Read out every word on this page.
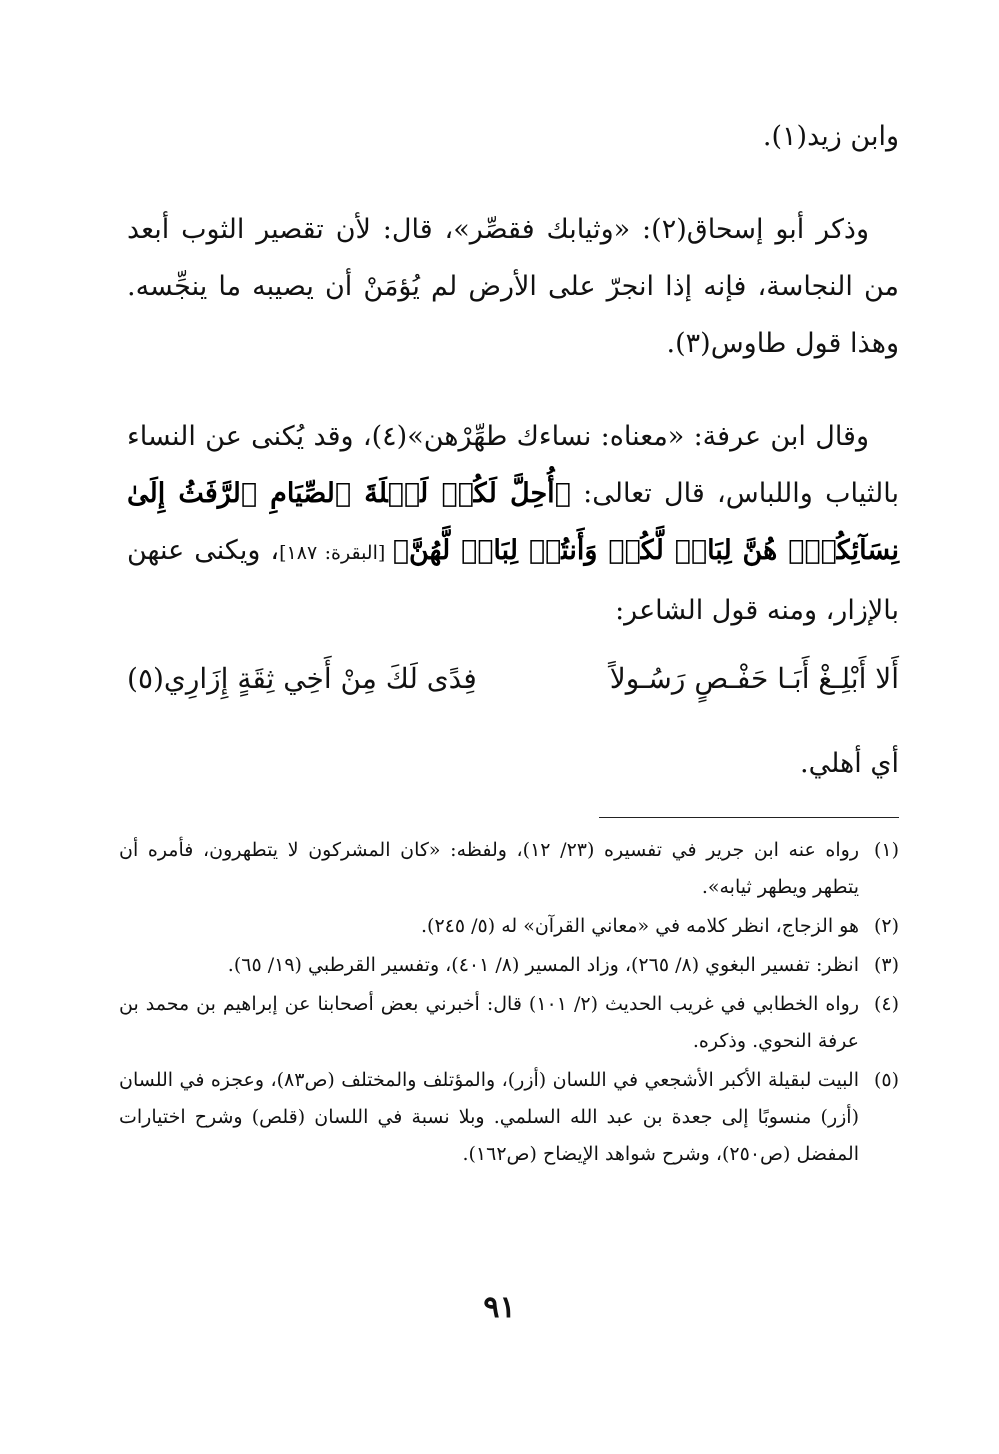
وابن زيد(١).

وذكر أبو إسحاق(٢): «وثيابك فقصِّر»، قال: لأن تقصير الثوب أبعد من النجاسة، فإنه إذا انجرّ على الأرض لم يُؤمَنْ أن يصيبه ما ينجِّسه. وهذا قول طاوس(٣).

وقال ابن عرفة: «معناه: نساءك طهِّرْهن»(٤)، وقد يُكنى عن النساء بالثياب واللباس، قال تعالى: ﴿أُحِلَّ لَكُمۡ لَيۡلَةَ ٱلصِّيَامِ ٱلرَّفَثُ إِلَىٰ نِسَآئِكُمۡۚ هُنَّ لِبَاسٞ لَّكُمۡ وَأَنتُمۡ لِبَاسٞ لَّهُنَّ﴾ [البقرة: ١٨٧]، ويكنى عنهن بالإزار، ومنه قول الشاعر:

أَلا أَبْلِـغْ أَبَـا حَفْـصٍ رَسُـولاً
فِدًى لَكَ مِنْ أَخِي ثِقَةٍ إِزَارِي(٥)

أي أهلي.

(١)
رواه عنه ابن جرير في تفسيره (٢٣/ ١٢)، ولفظه: «كان المشركون لا يتطهرون، فأمره أن يتطهر ويطهر ثيابه».
(٢)
هو الزجاج، انظر كلامه في «معاني القرآن» له (٥/ ٢٤٥).
(٣)
انظر: تفسير البغوي (٨/ ٢٦٥)، وزاد المسير (٨/ ٤٠١)، وتفسير القرطبي (١٩/ ٦٥).
(٤)
رواه الخطابي في غريب الحديث (٢/ ١٠١) قال: أخبرني بعض أصحابنا عن إبراهيم بن محمد بن عرفة النحوي. وذكره.
(٥)
البيت لبقيلة الأكبر الأشجعي في اللسان (أزر)، والمؤتلف والمختلف (ص٨٣)، وعجزه في اللسان (أزر) منسوبًا إلى جعدة بن عبد الله السلمي. وبلا نسبة في اللسان (قلص) وشرح اختيارات المفضل (ص٢٥٠)، وشرح شواهد الإيضاح (ص١٦٢).
٩١
